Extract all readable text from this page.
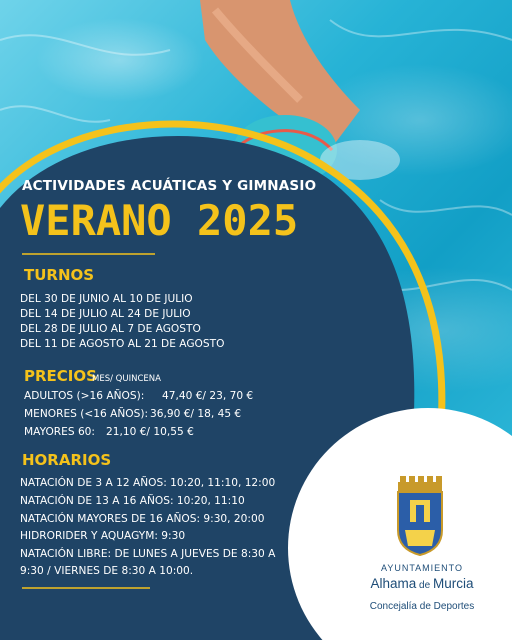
ACTIVIDADES ACUÁTICAS Y GIMNASIO
VERANO 2025
TURNOS
DEL 30 DE JUNIO AL 10 DE JULIO
DEL 14 DE JULIO AL 24 DE JULIO
DEL 28 DE JULIO AL 7 DE AGOSTO
DEL 11 DE AGOSTO AL 21 DE AGOSTO
PRECIOS
MES/ QUINCENA
ADULTOS (>16 AÑOS): 47,40 €/ 23, 70 €
MENORES (<16 AÑOS): 36,90 €/ 18, 45 €
MAYORES 60: 21,10 €/ 10,55 €
HORARIOS
NATACIÓN DE 3 A 12 AÑOS: 10:20, 11:10, 12:00
NATACIÓN DE 13 A 16 AÑOS: 10:20, 11:10
NATACIÓN MAYORES DE 16 AÑOS: 9:30, 20:00
HIDRORIDER Y AQUAGYM: 9:30
NATACIÓN LIBRE: DE LUNES A JUEVES DE 8:30 A
9:30 / VIERNES DE 8:30 A 10:00.	AYUNTAMIENTO
Alhama de Murcia
Concejalía de Deportes
